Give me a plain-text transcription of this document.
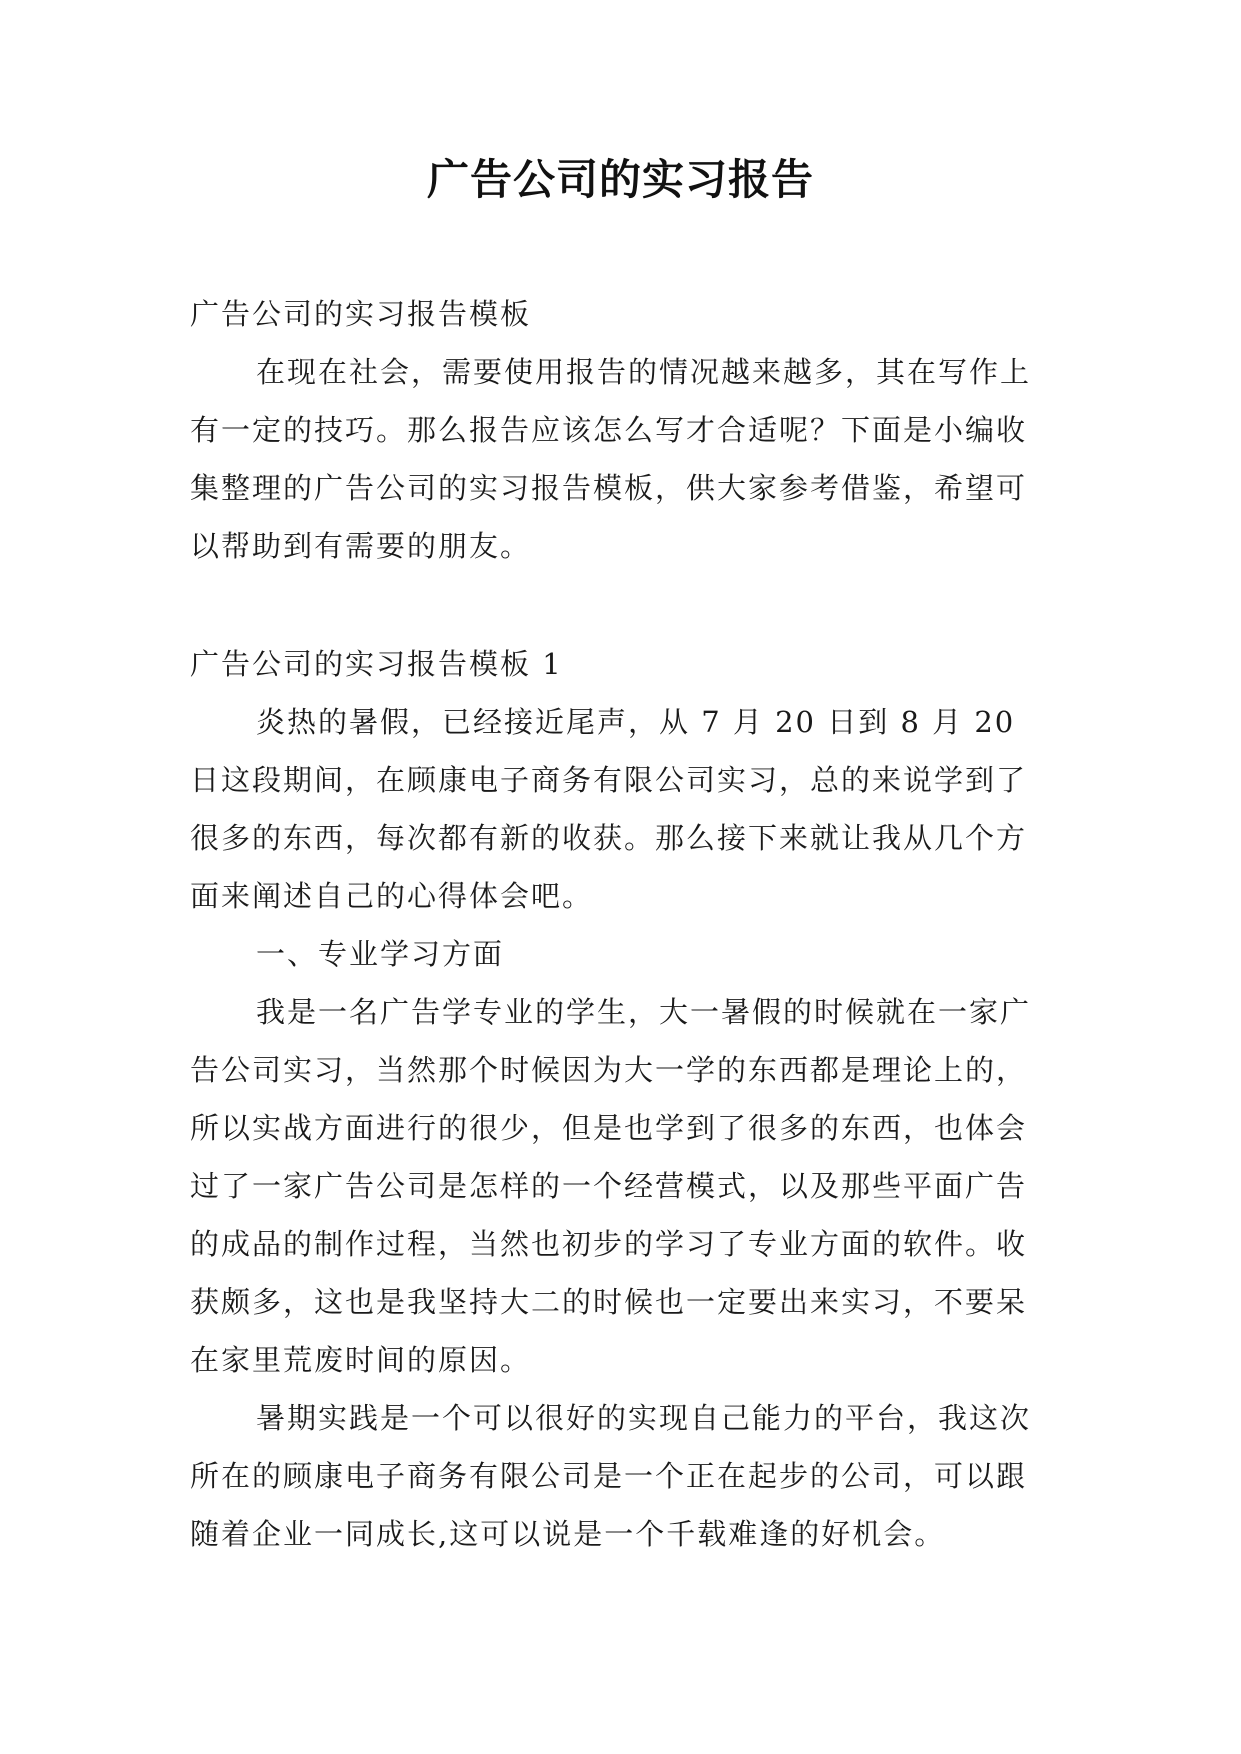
广告公司的实习报告

广告公司的实习报告模板

在现在社会，需要使用报告的情况越来越多，其在写作上有一定的技巧。那么报告应该怎么写才合适呢？下面是小编收集整理的广告公司的实习报告模板，供大家参考借鉴，希望可以帮助到有需要的朋友。

广告公司的实习报告模板 1

炎热的暑假，已经接近尾声，从 7 月 20 日到 8 月 20 日这段期间，在顾康电子商务有限公司实习，总的来说学到了很多的东西，每次都有新的收获。那么接下来就让我从几个方面来阐述自己的心得体会吧。

一、专业学习方面

我是一名广告学专业的学生，大一暑假的时候就在一家广告公司实习，当然那个时候因为大一学的东西都是理论上的，所以实战方面进行的很少，但是也学到了很多的东西，也体会过了一家广告公司是怎样的一个经营模式，以及那些平面广告的成品的制作过程，当然也初步的学习了专业方面的软件。收获颇多，这也是我坚持大二的时候也一定要出来实习，不要呆在家里荒废时间的原因。

暑期实践是一个可以很好的实现自己能力的平台，我这次所在的顾康电子商务有限公司是一个正在起步的公司，可以跟随着企业一同成长,这可以说是一个千载难逢的好机会。
